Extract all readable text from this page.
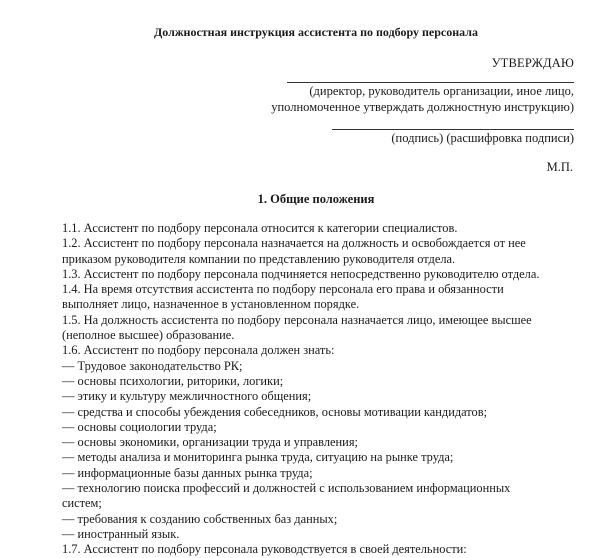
Должностная инструкция ассистента по подбору персонала
УТВЕРЖДАЮ
(директор, руководитель организации, иное лицо,
уполномоченное утверждать должностную инструкцию)
(подпись) (расшифровка подписи)
М.П.
1. Общие положения

1.1. Ассистент по подбору персонала относится к категории специалистов.

1.2. Ассистент по подбору персонала назначается на должность и освобождается от нее

приказом руководителя компании по представлению руководителя отдела.

1.3. Ассистент по подбору персонала подчиняется непосредственно руководителю отдела.

1.4. На время отсутствия ассистента по подбору персонала его права и обязанности

выполняет лицо, назначенное в установленном порядке.

1.5. На должность ассистента по подбору персонала назначается лицо, имеющее высшее

(неполное высшее) образование.

1.6. Ассистент по подбору персонала должен знать:

— Трудовое законодательство РК;

— основы психологии, риторики, логики;

— этику и культуру межличностного общения;

— средства и способы убеждения собеседников, основы мотивации кандидатов;

— основы социологии труда;

— основы экономики, организации труда и управления;

— методы анализа и мониторинга рынка труда, ситуацию на рынке труда;

— информационные базы данных рынка труда;

— технологию поиска профессий и должностей с использованием информационных

систем;

— требования к созданию собственных баз данных;

— иностранный язык.

1.7. Ассистент по подбору персонала руководствуется в своей деятельности:
